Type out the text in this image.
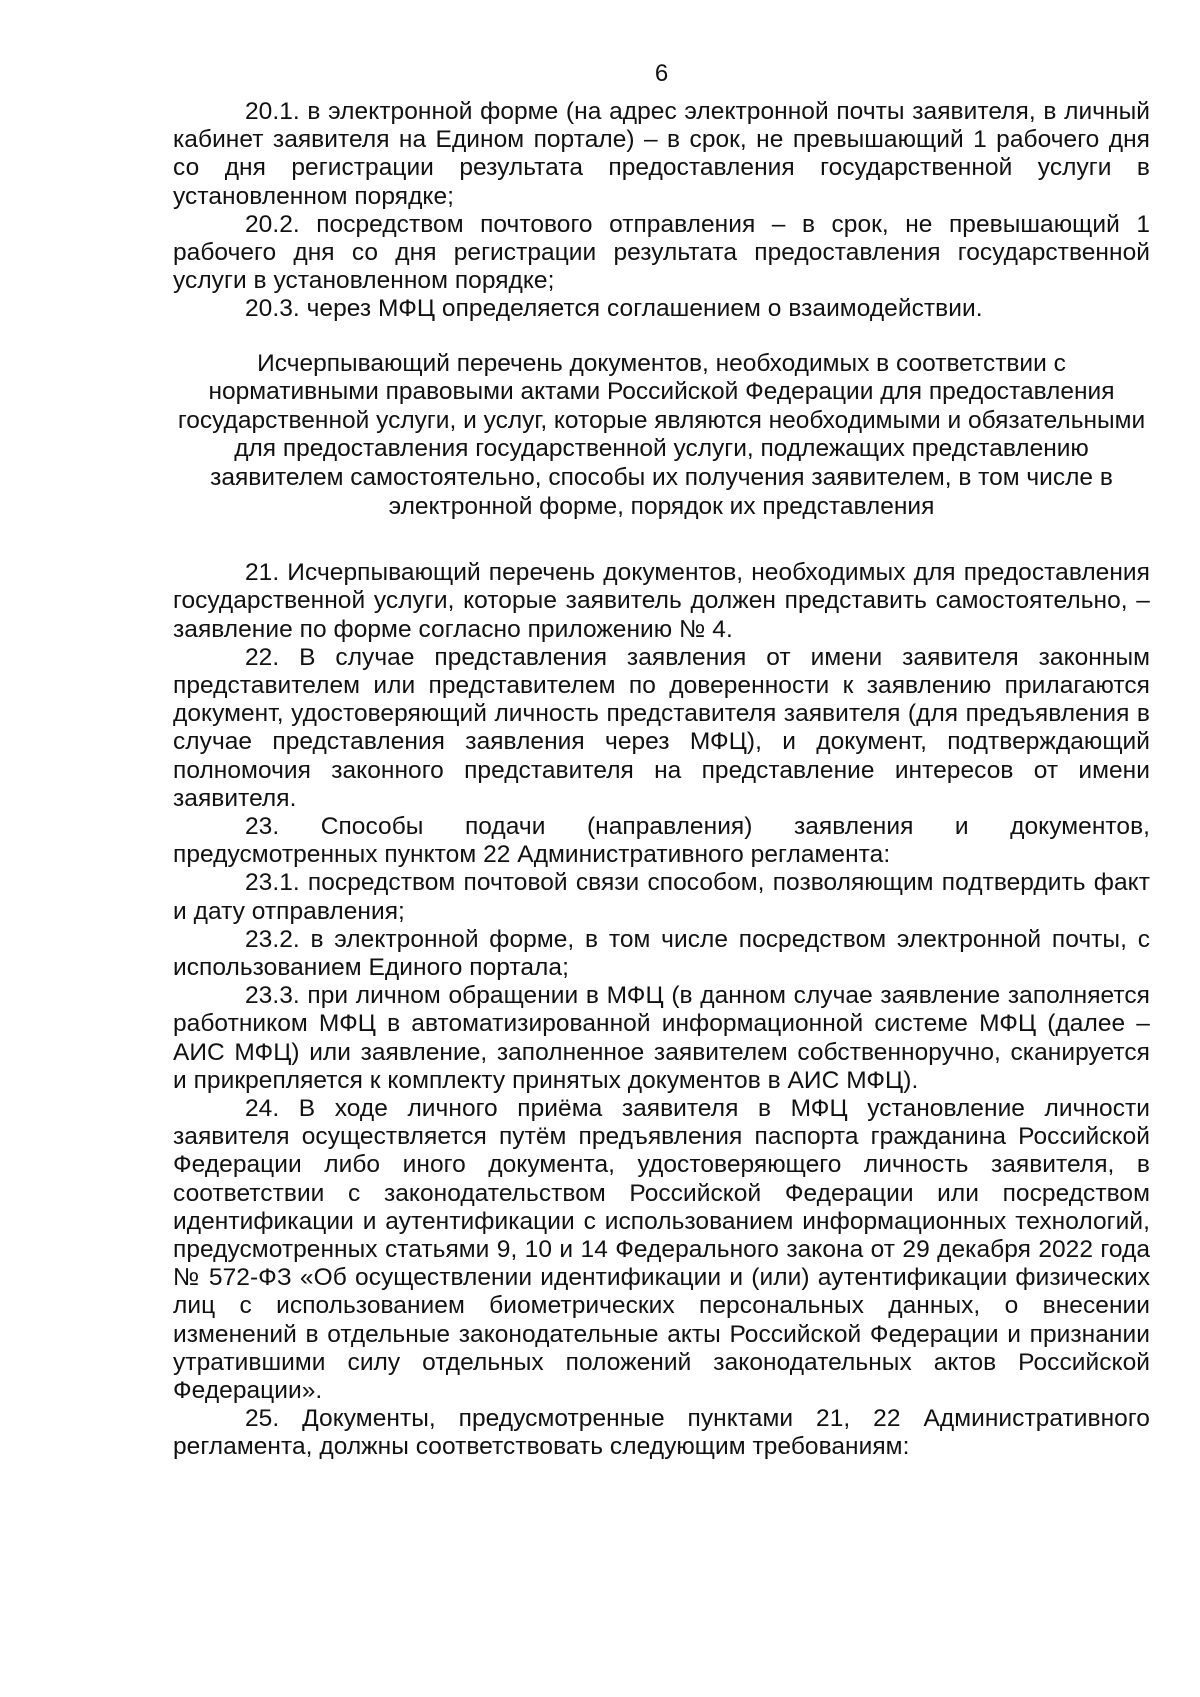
6

20.1. в электронной форме (на адрес электронной почты заявителя, в личный кабинет заявителя на Едином портале) – в срок, не превышающий 1 рабочего дня со дня регистрации результата предоставления государственной услуги в установленном порядке;

20.2. посредством почтового отправления – в срок, не превышающий 1 рабочего дня со дня регистрации результата предоставления государственной услуги в установленном порядке;

20.3. через МФЦ определяется соглашением о взаимодействии.

Исчерпывающий перечень документов, необходимых в соответствии с нормативными правовыми актами Российской Федерации для предоставления государственной услуги, и услуг, которые являются необходимыми и обязательными для предоставления государственной услуги, подлежащих представлению заявителем самостоятельно, способы их получения заявителем, в том числе в электронной форме, порядок их представления

21. Исчерпывающий перечень документов, необходимых для предоставления государственной услуги, которые заявитель должен представить самостоятельно, – заявление по форме согласно приложению № 4.

22. В случае представления заявления от имени заявителя законным представителем или представителем по доверенности к заявлению прилагаются документ, удостоверяющий личность представителя заявителя (для предъявления в случае представления заявления через МФЦ), и документ, подтверждающий полномочия законного представителя на представление интересов от имени заявителя.

23. Способы подачи (направления) заявления и документов, предусмотренных пунктом 22 Административного регламента:

23.1. посредством почтовой связи способом, позволяющим подтвердить факт и дату отправления;

23.2. в электронной форме, в том числе посредством электронной почты, с использованием Единого портала;

23.3. при личном обращении в МФЦ (в данном случае заявление заполняется работником МФЦ в автоматизированной информационной системе МФЦ (далее – АИС МФЦ) или заявление, заполненное заявителем собственноручно, сканируется и прикрепляется к комплекту принятых документов в АИС МФЦ).

24. В ходе личного приёма заявителя в МФЦ установление личности заявителя осуществляется путём предъявления паспорта гражданина Российской Федерации либо иного документа, удостоверяющего личность заявителя, в соответствии с законодательством Российской Федерации или посредством идентификации и аутентификации с использованием информационных технологий, предусмотренных статьями 9, 10 и 14 Федерального закона от 29 декабря 2022 года № 572-ФЗ «Об осуществлении идентификации и (или) аутентификации физических лиц с использованием биометрических персональных данных, о внесении изменений в отдельные законодательные акты Российской Федерации и признании утратившими силу отдельных положений законодательных актов Российской Федерации».

25. Документы, предусмотренные пунктами 21, 22 Административного регламента, должны соответствовать следующим требованиям:
